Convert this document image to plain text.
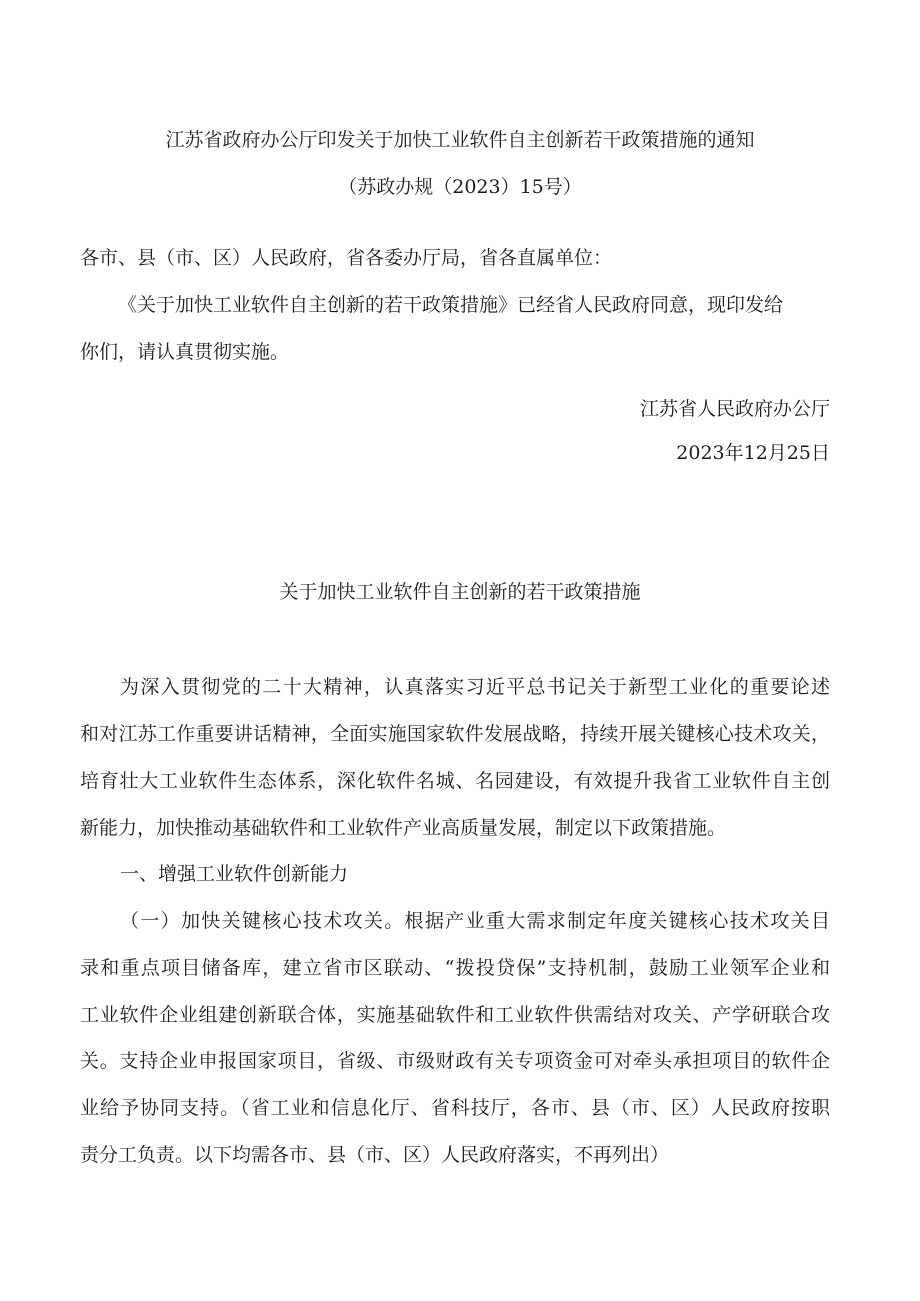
江苏省政府办公厅印发关于加快工业软件自主创新若干政策措施的通知
（苏政办规（2023）15号）
各市、县（市、区）人民政府，省各委办厅局，省各直属单位：
《关于加快工业软件自主创新的若干政策措施》已经省人民政府同意，现印发给
你们，请认真贯彻实施。
江苏省人民政府办公厅
2023年12月25日
关于加快工业软件自主创新的若干政策措施
为深入贯彻党的二十大精神，认真落实习近平总书记关于新型工业化的重要论述
和对江苏工作重要讲话精神，全面实施国家软件发展战略，持续开展关键核心技术攻关，
培育壮大工业软件生态体系，深化软件名城、名园建设，有效提升我省工业软件自主创
新能力，加快推动基础软件和工业软件产业高质量发展，制定以下政策措施。
一、增强工业软件创新能力
（一）加快关键核心技术攻关。根据产业重大需求制定年度关键核心技术攻关目
录和重点项目储备库，建立省市区联动、“拨投贷保”支持机制，鼓励工业领军企业和
工业软件企业组建创新联合体，实施基础软件和工业软件供需结对攻关、产学研联合攻
关。支持企业申报国家项目，省级、市级财政有关专项资金可对牵头承担项目的软件企
业给予协同支持。（省工业和信息化厅、省科技厅，各市、县（市、区）人民政府按职
责分工负责。以下均需各市、县（市、区）人民政府落实，不再列出）
